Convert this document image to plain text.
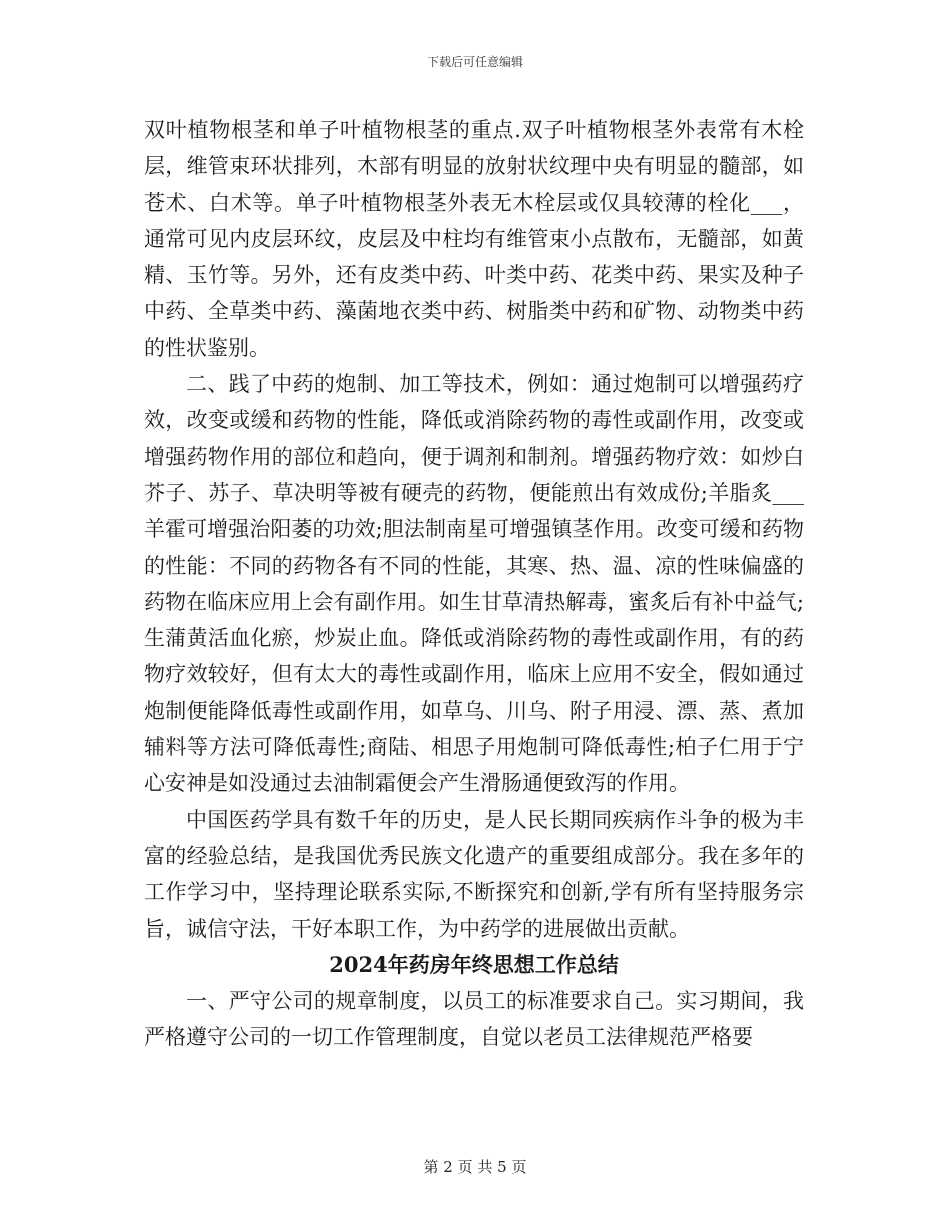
下载后可任意编辑

双叶植物根茎和单子叶植物根茎的重点.双子叶植物根茎外表常有木栓层，维管束环状排列，木部有明显的放射状纹理中央有明显的髓部，如苍术、白术等。单子叶植物根茎外表无木栓层或仅具较薄的栓化___，通常可见内皮层环纹，皮层及中柱均有维管束小点散布，无髓部，如黄精、玉竹等。另外，还有皮类中药、叶类中药、花类中药、果实及种子中药、全草类中药、藻菌地衣类中药、树脂类中药和矿物、动物类中药的性状鉴别。

二、践了中药的炮制、加工等技术，例如：通过炮制可以增强药疗效，改变或缓和药物的性能，降低或消除药物的毒性或副作用，改变或增强药物作用的部位和趋向，便于调剂和制剂。增强药物疗效：如炒白芥子、苏子、草决明等被有硬壳的药物，便能煎出有效成份;羊脂炙___羊霍可增强治阳萎的功效;胆法制南星可增强镇茎作用。改变可缓和药物的性能：不同的药物各有不同的性能，其寒、热、温、凉的性味偏盛的药物在临床应用上会有副作用。如生甘草清热解毒，蜜炙后有补中益气;生蒲黄活血化瘀，炒炭止血。降低或消除药物的毒性或副作用，有的药物疗效较好，但有太大的毒性或副作用，临床上应用不安全，假如通过炮制便能降低毒性或副作用，如草乌、川乌、附子用浸、漂、蒸、煮加辅料等方法可降低毒性;商陆、相思子用炮制可降低毒性;柏子仁用于宁心安神是如没通过去油制霜便会产生滑肠通便致泻的作用。

中国医药学具有数千年的历史，是人民长期同疾病作斗争的极为丰富的经验总结，是我国优秀民族文化遗产的重要组成部分。我在多年的工作学习中，坚持理论联系实际,不断探究和创新,学有所有坚持服务宗旨，诚信守法，干好本职工作，为中药学的进展做出贡献。

2024年药房年终思想工作总结

一、严守公司的规章制度，以员工的标准要求自己。实习期间，我严格遵守公司的一切工作管理制度，自觉以老员工法律规范严格要

第 2 页 共 5 页
